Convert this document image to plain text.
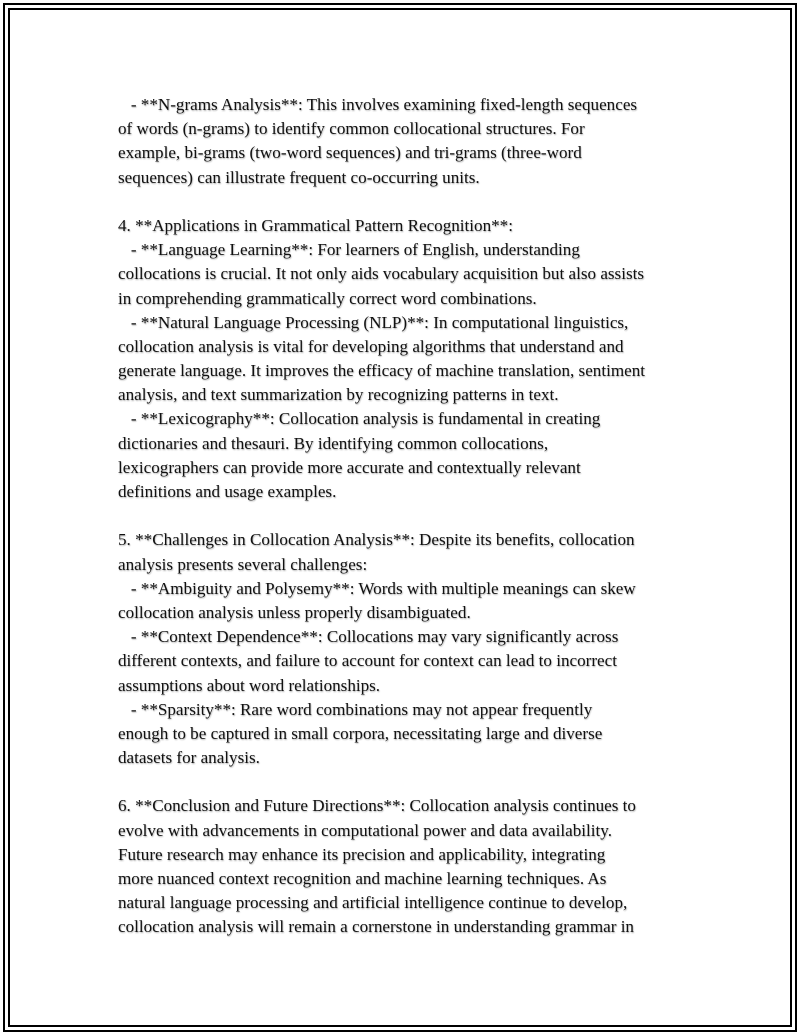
- **N-grams Analysis**: This involves examining fixed-length sequences
of words (n-grams) to identify common collocational structures. For
example, bi-grams (two-word sequences) and tri-grams (three-word
sequences) can illustrate frequent co-occurring units.
4. **Applications in Grammatical Pattern Recognition**:
- **Language Learning**: For learners of English, understanding
collocations is crucial. It not only aids vocabulary acquisition but also assists
in comprehending grammatically correct word combinations.
- **Natural Language Processing (NLP)**: In computational linguistics,
collocation analysis is vital for developing algorithms that understand and
generate language. It improves the efficacy of machine translation, sentiment
analysis, and text summarization by recognizing patterns in text.
- **Lexicography**: Collocation analysis is fundamental in creating
dictionaries and thesauri. By identifying common collocations,
lexicographers can provide more accurate and contextually relevant
definitions and usage examples.
5. **Challenges in Collocation Analysis**: Despite its benefits, collocation
analysis presents several challenges:
- **Ambiguity and Polysemy**: Words with multiple meanings can skew
collocation analysis unless properly disambiguated.
- **Context Dependence**: Collocations may vary significantly across
different contexts, and failure to account for context can lead to incorrect
assumptions about word relationships.
- **Sparsity**: Rare word combinations may not appear frequently
enough to be captured in small corpora, necessitating large and diverse
datasets for analysis.
6. **Conclusion and Future Directions**: Collocation analysis continues to
evolve with advancements in computational power and data availability.
Future research may enhance its precision and applicability, integrating
more nuanced context recognition and machine learning techniques. As
natural language processing and artificial intelligence continue to develop,
collocation analysis will remain a cornerstone in understanding grammar in
